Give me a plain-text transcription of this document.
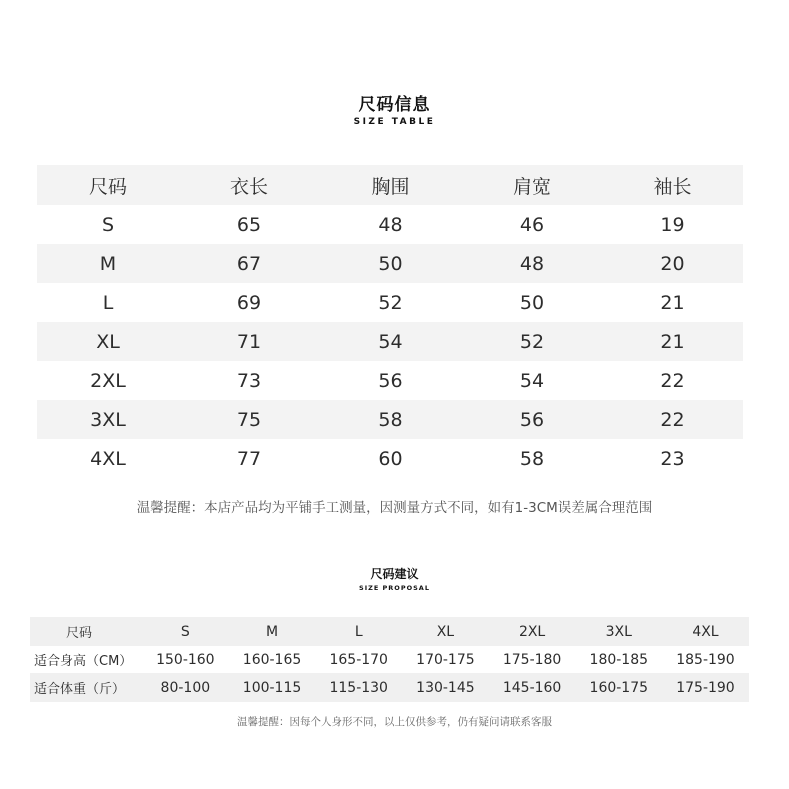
尺码信息
SIZE TABLE
尺码	衣长	胸围	肩宽	袖长
S	65	48	46	19
M	67	50	48	20
L	69	52	50	21
XL	71	54	52	21
2XL	73	56	54	22
3XL	75	58	56	22
4XL	77	60	58	23
温馨提醒：本店产品均为平铺手工测量，因测量方式不同，如有1-3CM误差属合理范围
尺码建议
SIZE PROPOSAL
尺码	S	M	L	XL	2XL	3XL	4XL
适合身高（CM）	150-160	160-165	165-170	170-175	175-180	180-185	185-190
适合体重（斤）	80-100	100-115	115-130	130-145	145-160	160-175	175-190
温馨提醒：因每个人身形不同，以上仅供参考，仍有疑问请联系客服
